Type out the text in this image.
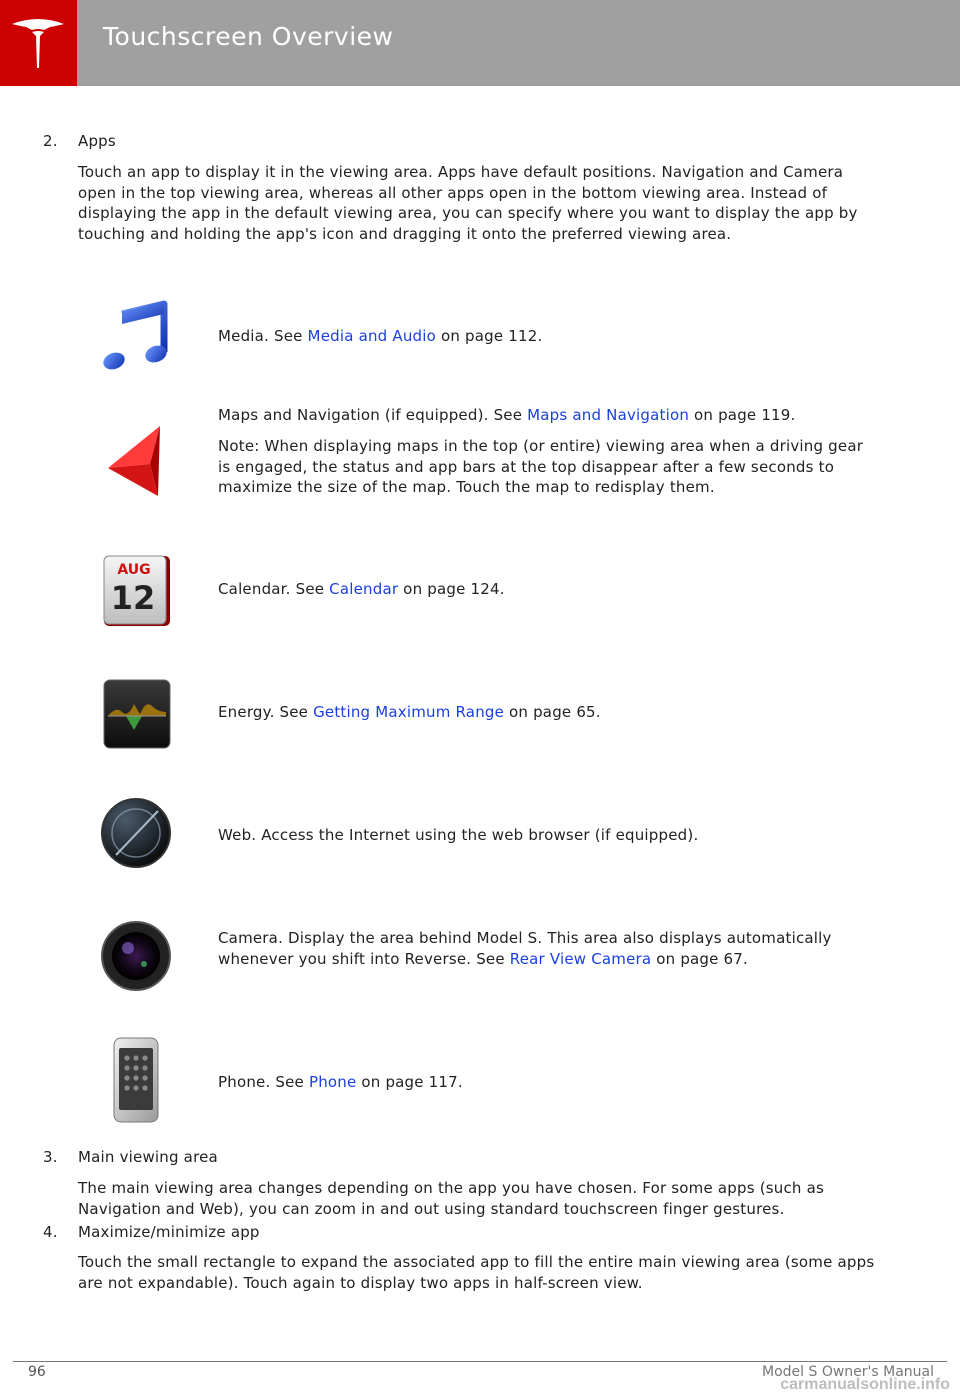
Touchscreen Overview
2. Apps
Touch an app to display it in the viewing area. Apps have default positions. Navigation and Camera open in the top viewing area, whereas all other apps open in the bottom viewing area. Instead of displaying the app in the default viewing area, you can specify where you want to display the app by touching and holding the app's icon and dragging it onto the preferred viewing area.
Media. See Media and Audio on page 112.
Maps and Navigation (if equipped). See Maps and Navigation on page 119.
Note: When displaying maps in the top (or entire) viewing area when a driving gear is engaged, the status and app bars at the top disappear after a few seconds to maximize the size of the map. Touch the map to redisplay them.
AUG
12	Calendar. See Calendar on page 124.
Energy. See Getting Maximum Range on page 65.
Web. Access the Internet using the web browser (if equipped).
Camera. Display the area behind Model S. This area also displays automatically whenever you shift into Reverse. See Rear View Camera on page 67.
Phone. See Phone on page 117.
3. Main viewing area
The main viewing area changes depending on the app you have chosen. For some apps (such as Navigation and Web), you can zoom in and out using standard touchscreen finger gestures.
4. Maximize/minimize app
Touch the small rectangle to expand the associated app to fill the entire main viewing area (some apps are not expandable). Touch again to display two apps in half-screen view.
96	Model S Owner's Manual
carmanualsonline.info
